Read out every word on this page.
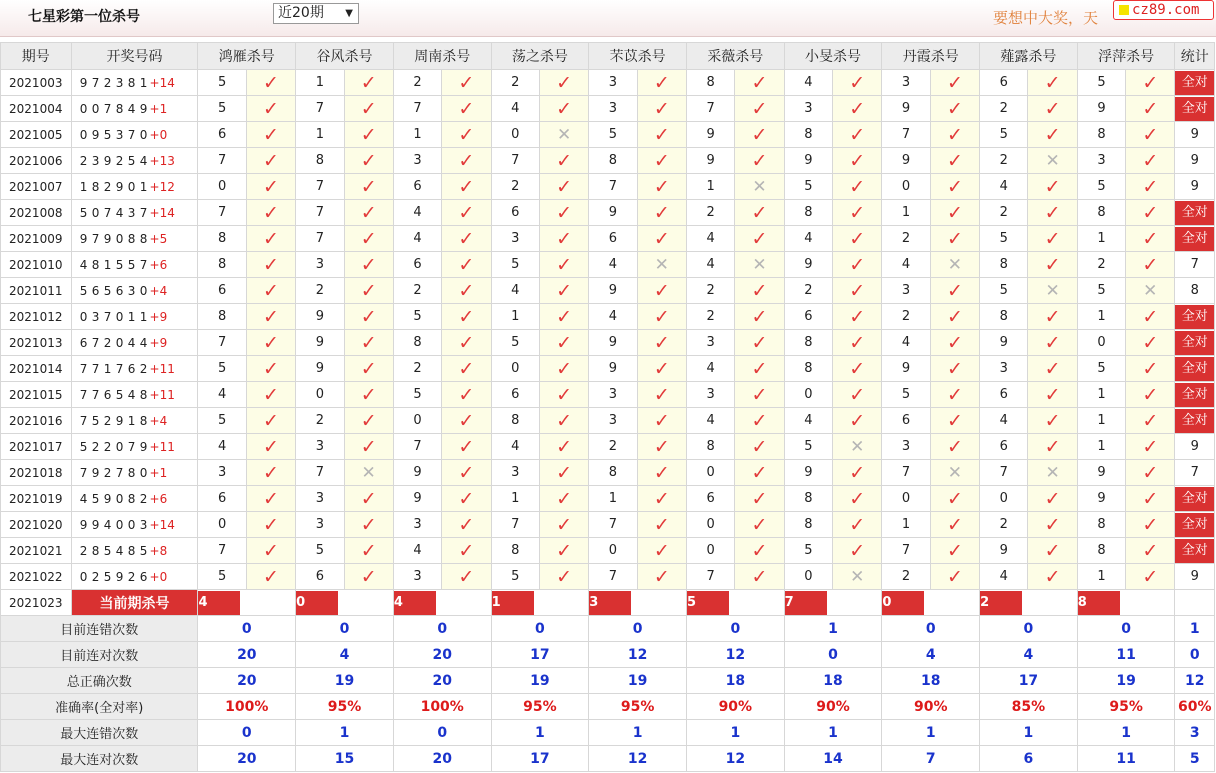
七星彩第一位杀号	近20期 ▼	要想中大奖，天 cz89.com
期号	开奖号码	鸿雁杀号		谷风杀号		周南杀号		荡之杀号		芣苡杀号		采薇杀号		小旻杀号		丹霞杀号		薤露杀号		浮萍杀号		统计
2021003	9 7 2 3 8 1 +14	5	✓	1	✓	2	✓	2	✓	3	✓	8	✓	4	✓	3	✓	6	✓	5	✓	全对

2021004	0 0 7 8 4 9 +1	5	✓	7	✓	7	✓	4	✓	3	✓	7	✓	3	✓	9	✓	2	✓	9	✓	全对

2021005	0 9 5 3 7 0 +0	6	✓	1	✓	1	✓	0	✕	5	✓	9	✓	8	✓	7	✓	5	✓	8	✓	9
2021006	2 3 9 2 5 4 +13	7	✓	8	✓	3	✓	7	✓	8	✓	9	✓	9	✓	9	✓	2	✕	3	✓	9
2021007	1 8 2 9 0 1 +12	0	✓	7	✓	6	✓	2	✓	7	✓	1	✕	5	✓	0	✓	4	✓	5	✓	9
2021008	5 0 7 4 3 7 +14	7	✓	7	✓	4	✓	6	✓	9	✓	2	✓	8	✓	1	✓	2	✓	8	✓	全对

2021009	9 7 9 0 8 8 +5	8	✓	7	✓	4	✓	3	✓	6	✓	4	✓	4	✓	2	✓	5	✓	1	✓	全对

2021010	4 8 1 5 5 7 +6	8	✓	3	✓	6	✓	5	✓	4	✕	4	✕	9	✓	4	✕	8	✓	2	✓	7
2021011	5 6 5 6 3 0 +4	6	✓	2	✓	2	✓	4	✓	9	✓	2	✓	2	✓	3	✓	5	✕	5	✕	8
2021012	0 3 7 0 1 1 +9	8	✓	9	✓	5	✓	1	✓	4	✓	2	✓	6	✓	2	✓	8	✓	1	✓	全对

2021013	6 7 2 0 4 4 +9	7	✓	9	✓	8	✓	5	✓	9	✓	3	✓	8	✓	4	✓	9	✓	0	✓	全对

2021014	7 7 1 7 6 2 +11	5	✓	9	✓	2	✓	0	✓	9	✓	4	✓	8	✓	9	✓	3	✓	5	✓	全对

2021015	7 7 6 5 4 8 +11	4	✓	0	✓	5	✓	6	✓	3	✓	3	✓	0	✓	5	✓	6	✓	1	✓	全对

2021016	7 5 2 9 1 8 +4	5	✓	2	✓	0	✓	8	✓	3	✓	4	✓	4	✓	6	✓	4	✓	1	✓	全对

2021017	5 2 2 0 7 9 +11	4	✓	3	✓	7	✓	4	✓	2	✓	8	✓	5	✕	3	✓	6	✓	1	✓	9
2021018	7 9 2 7 8 0 +1	3	✓	7	✕	9	✓	3	✓	8	✓	0	✓	9	✓	7	✕	7	✕	9	✓	7
2021019	4 5 9 0 8 2 +6	6	✓	3	✓	9	✓	1	✓	1	✓	6	✓	8	✓	0	✓	0	✓	9	✓	全对

2021020	9 9 4 0 0 3 +14	0	✓	3	✓	3	✓	7	✓	7	✓	0	✓	8	✓	1	✓	2	✓	8	✓	全对

2021021	2 8 5 4 8 5 +8	7	✓	5	✓	4	✓	8	✓	0	✓	0	✓	5	✓	7	✓	9	✓	8	✓	全对

2021022	0 2 5 9 2 6 +0	5	✓	6	✓	3	✓	5	✓	7	✓	7	✓	0	✕	2	✓	4	✓	1	✓	9
2021023	当前期杀号	4		0		4		1		3		5		7		0		2		8		

目前连错次数		0		0		0		0		0		0		1		0		0		0		1
目前连对次数		20		4		20		17		12		12		0		4		4		11		0
总正确次数		20		19		20		19		19		18		18		18		17		19		12
准确率(全对率)		100%		95%		100%		95%		95%		90%		90%		90%		85%		95%		60%
最大连错次数		0		1		0		1		1		1		1		1		1		1		3
最大连对次数		20		15		20		17		12		12		14		7		6		11		5
